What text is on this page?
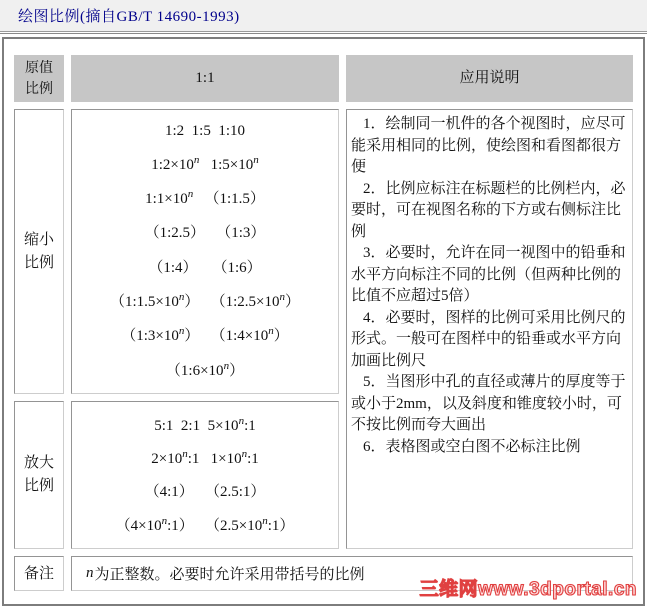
绘图比例(摘自GB/T 14690-1993)
原值
比例
1:1	应用说明
缩小
比例
1:2  1:5  1:10
$1:2\times 10^n$   $1:5\times 10^n$
$1:1\times 10^n$   （1:1.5）
（1:2.5）   （1:3）
（1:4）    （1:6）
$(1:1.5\times 10^n)$   $(1:2.5\times 10^n)$
$(1:3\times 10^n)$   $(1:4\times 10^n)$
$(1:6\times 10^n)$

1．绘制同一机件的各个视图时，应尽可能采用相同的比例，使绘图和看图都很方便

2．比例应标注在标题栏的比例栏内，必要时，可在视图名称的下方或右侧标注比例

3．必要时，允许在同一视图中的铅垂和水平方向标注不同的比例（但两种比例的比值不应超过5倍）

4．必要时，图样的比例可采用比例尺的形式。一般可在图样中的铅垂或水平方向加画比例尺

5．当图形中孔的直径或薄片的厚度等于或小于2mm，以及斜度和锥度较小时，可不按比例而夸大画出

6．表格图或空白图不必标注比例

放大
比例
5:1  2:1  $5\times 10^n:1$
$2\times 10^n:1$   $1\times 10^n:1$
（4:1）   （2.5:1）
$(4\times 10^n:1)$   $(2.5\times 10^n:1)$
备注 n 为正整数。必要时允许采用带括号的比例
三维网www.3dportal.cn
